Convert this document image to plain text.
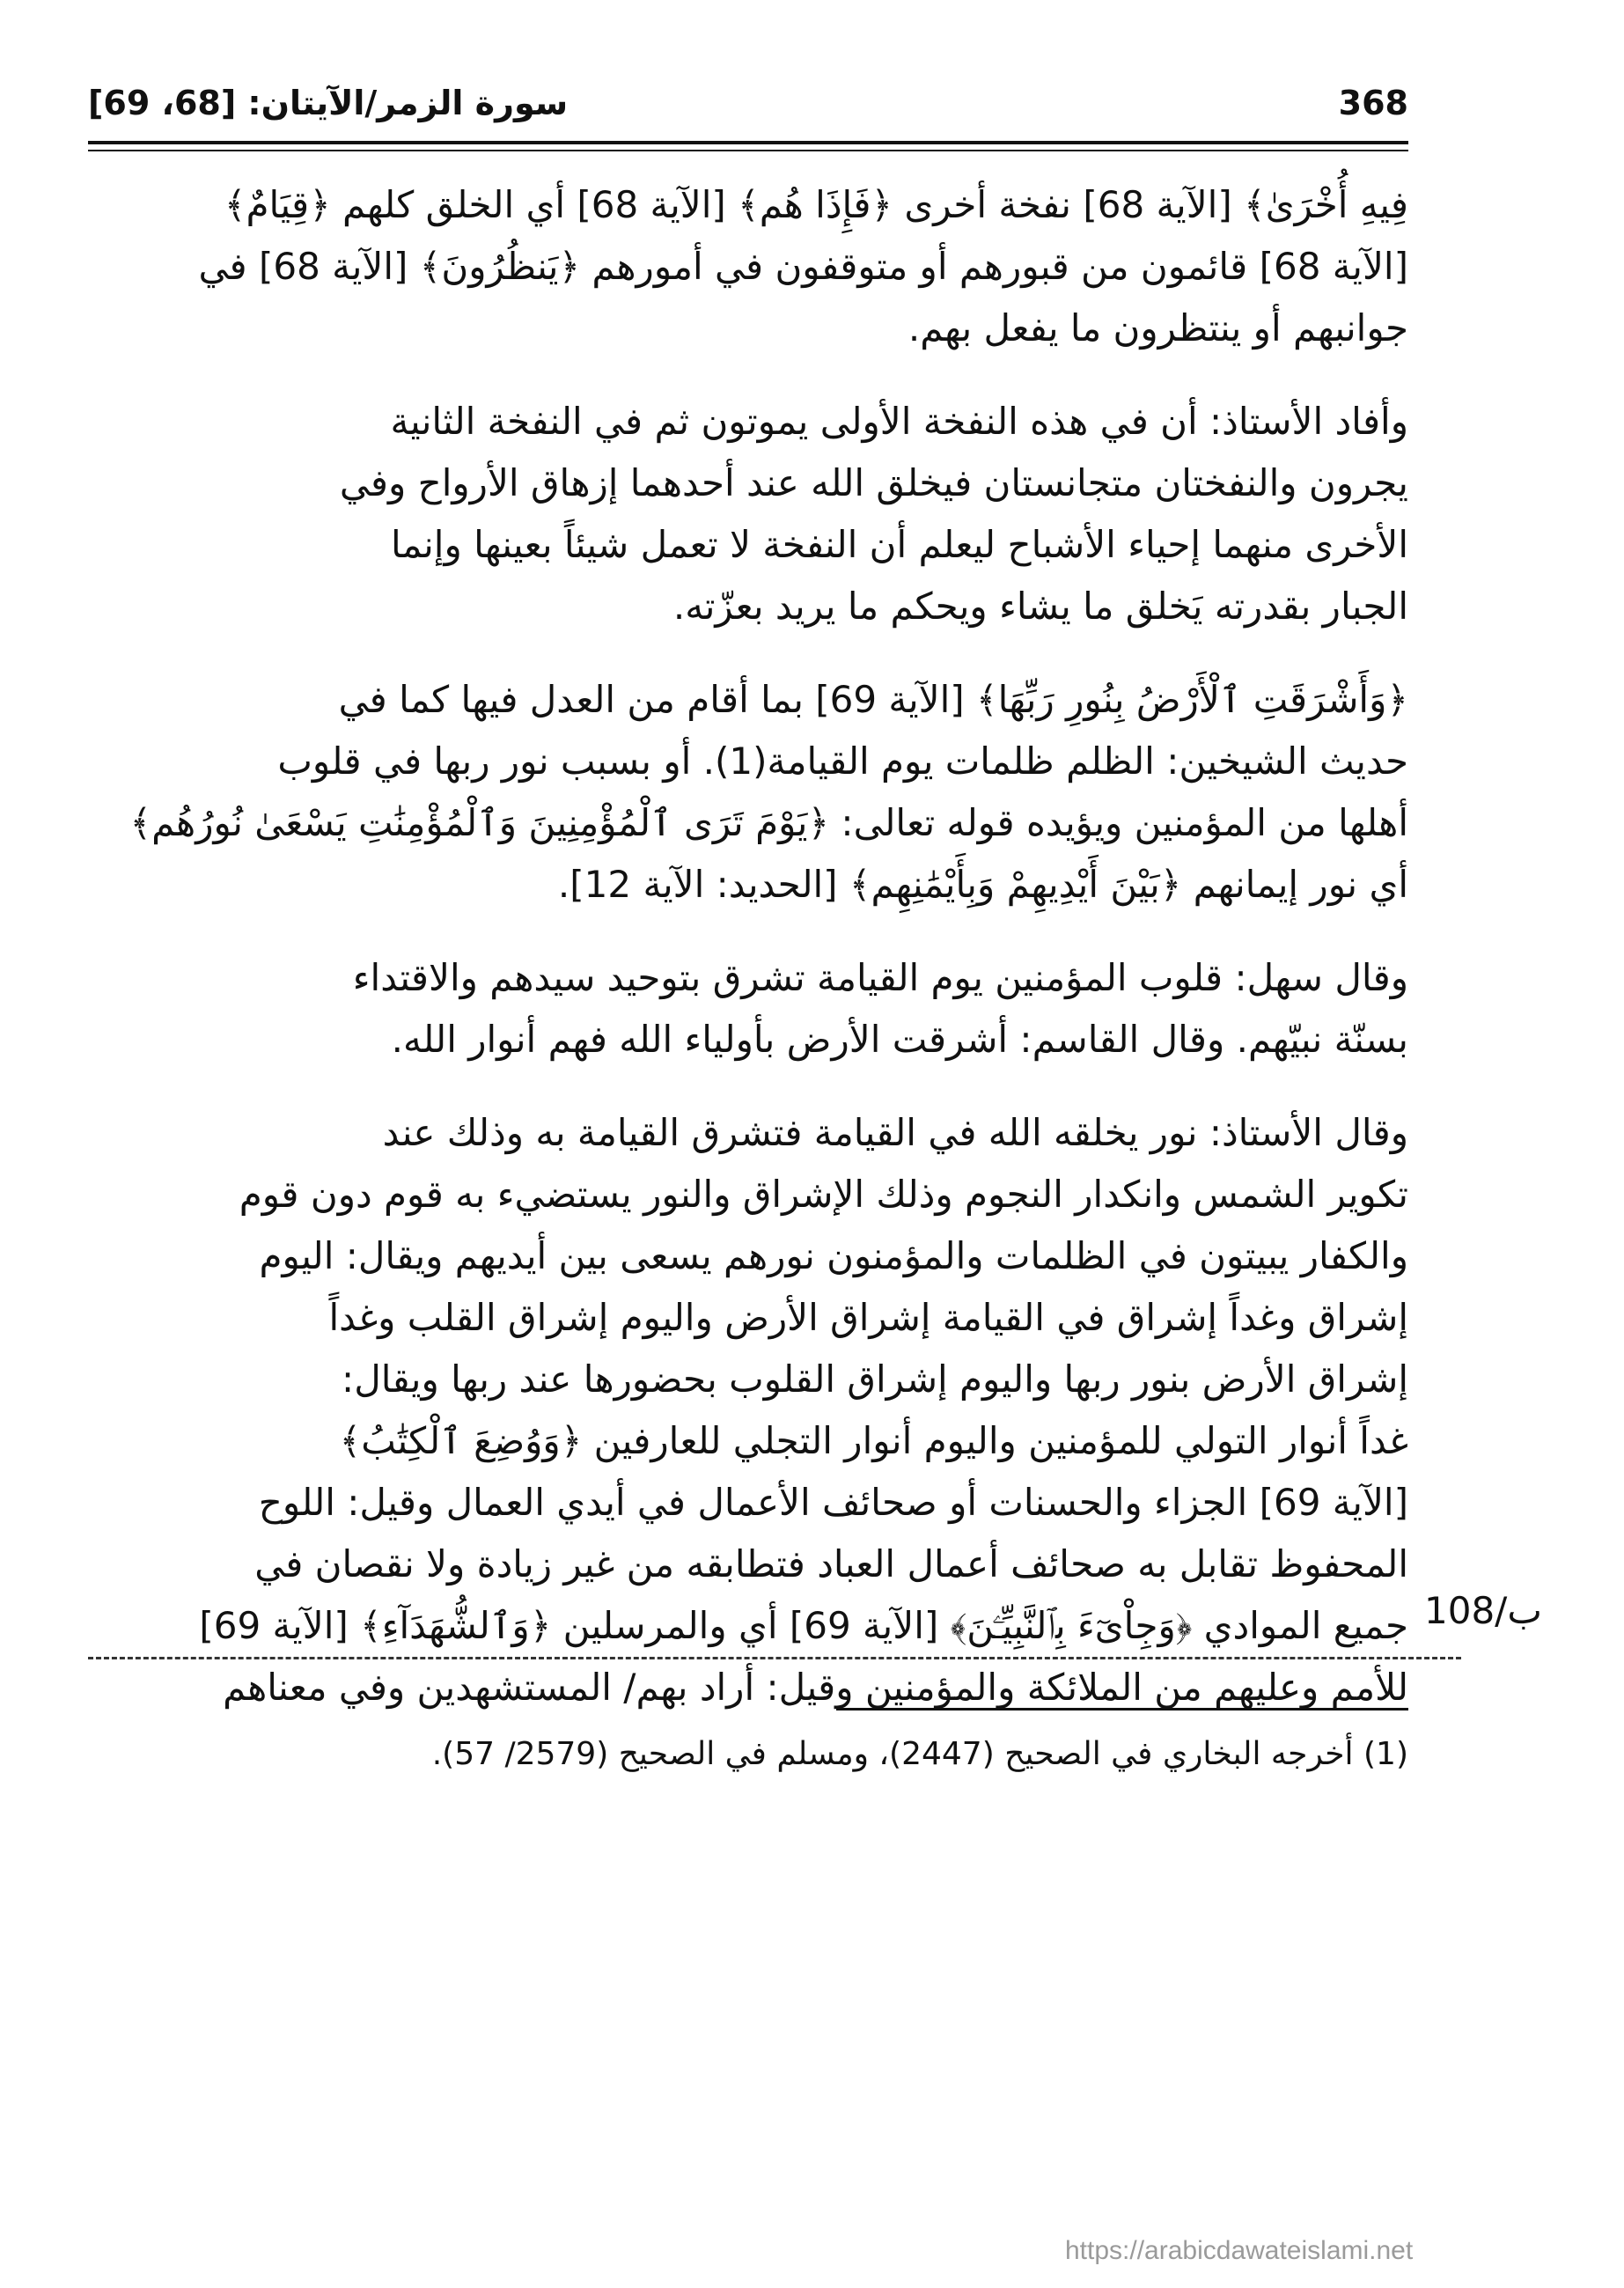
368
سورة الزمر/الآيتان: [68، 69]

فِيهِ أُخْرَىٰ﴾ [الآية 68] نفخة أخرى ﴿فَإِذَا هُم﴾ [الآية 68] أي الخلق كلهم ﴿قِيَامٌ﴾
[الآية 68] قائمون من قبورهم أو متوقفون في أمورهم ﴿يَنظُرُونَ﴾ [الآية 68] في
جوانبهم أو ينتظرون ما يفعل بهم.

وأفاد الأستاذ: أن في هذه النفخة الأولى يموتون ثم في النفخة الثانية
يجرون والنفختان متجانستان فيخلق الله عند أحدهما إزهاق الأرواح وفي
الأخرى منهما إحياء الأشباح ليعلم أن النفخة لا تعمل شيئاً بعينها وإنما
الجبار بقدرته يَخلق ما يشاء ويحكم ما يريد بعزّته.

﴿وَأَشْرَقَتِ ٱلْأَرْضُ بِنُورِ رَبِّهَا﴾ [الآية 69] بما أقام من العدل فيها كما في
حديث الشيخين: الظلم ظلمات يوم القيامة(1). أو بسبب نور ربها في قلوب
أهلها من المؤمنين ويؤيده قوله تعالى: ﴿يَوْمَ تَرَى ٱلْمُؤْمِنِينَ وَٱلْمُؤْمِنَٰتِ يَسْعَىٰ نُورُهُم﴾
أي نور إيمانهم ﴿بَيْنَ أَيْدِيهِمْ وَبِأَيْمَٰنِهِم﴾ [الحديد: الآية 12].

وقال سهل: قلوب المؤمنين يوم القيامة تشرق بتوحيد سيدهم والاقتداء
بسنّة نبيّهم. وقال القاسم: أشرقت الأرض بأولياء الله فهم أنوار الله.

وقال الأستاذ: نور يخلقه الله في القيامة فتشرق القيامة به وذلك عند
تكوير الشمس وانكدار النجوم وذلك الإشراق والنور يستضيء به قوم دون قوم
والكفار يبيتون في الظلمات والمؤمنون نورهم يسعى بين أيديهم ويقال: اليوم
إشراق وغداً إشراق في القيامة إشراق الأرض واليوم إشراق القلب وغداً
إشراق الأرض بنور ربها واليوم إشراق القلوب بحضورها عند ربها ويقال:
غداً أنوار التولي للمؤمنين واليوم أنوار التجلي للعارفين ﴿وَوُضِعَ ٱلْكِتَٰبُ﴾
[الآية 69] الجزاء والحسنات أو صحائف الأعمال في أيدي العمال وقيل: اللوح
المحفوظ تقابل به صحائف أعمال العباد فتطابقه من غير زيادة ولا نقصان في
جميع الموادي ﴿وَجِاْىٓءَ بِٱلنَّبِيِّـۧنَ﴾ [الآية 69] أي والمرسلين ﴿وَٱلشُّهَدَآءِ﴾ [الآية 69]
للأمم وعليهم من الملائكة والمؤمنين وقيل: أراد بهم/ المستشهدين وفي معناهم

108/ب
(1) أخرجه البخاري في الصحيح (2447)، ومسلم في الصحيح (2579/ 57).
https://arabicdawateislami.net
